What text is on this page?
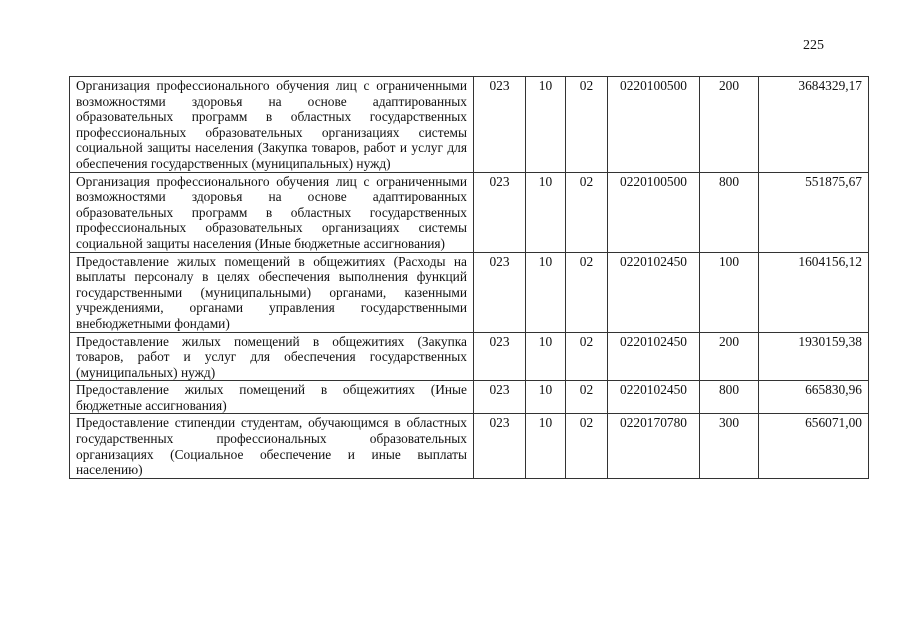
225
Организация профессионального обучения лиц с ограниченными возможностями здоровья на основе адаптированных образовательных программ в областных государственных профессиональных образовательных организациях системы социальной защиты населения (Закупка товаров, работ и услуг для обеспечения государственных (муниципальных) нужд)	023	10	02	0220100500	200	3684329,17
Организация профессионального обучения лиц с ограниченными возможностями здоровья на основе адаптированных образовательных программ в областных государственных профессиональных образовательных организациях системы социальной защиты населения (Иные бюджетные ассигнования)	023	10	02	0220100500	800	551875,67
Предоставление жилых помещений в общежитиях (Расходы на выплаты персоналу в целях обеспечения выполнения функций государственными (муниципальными) органами, казенными учреждениями, органами управления государственными внебюджетными фондами)	023	10	02	0220102450	100	1604156,12
Предоставление жилых помещений в общежитиях (Закупка товаров, работ и услуг для обеспечения государственных (муниципальных) нужд)	023	10	02	0220102450	200	1930159,38
Предоставление жилых помещений в общежитиях (Иные бюджетные ассигнования)	023	10	02	0220102450	800	665830,96
Предоставление стипендии студентам, обучающимся в областных государственных профессиональных образовательных организациях (Социальное обеспечение и иные выплаты населению)	023	10	02	0220170780	300	656071,00
